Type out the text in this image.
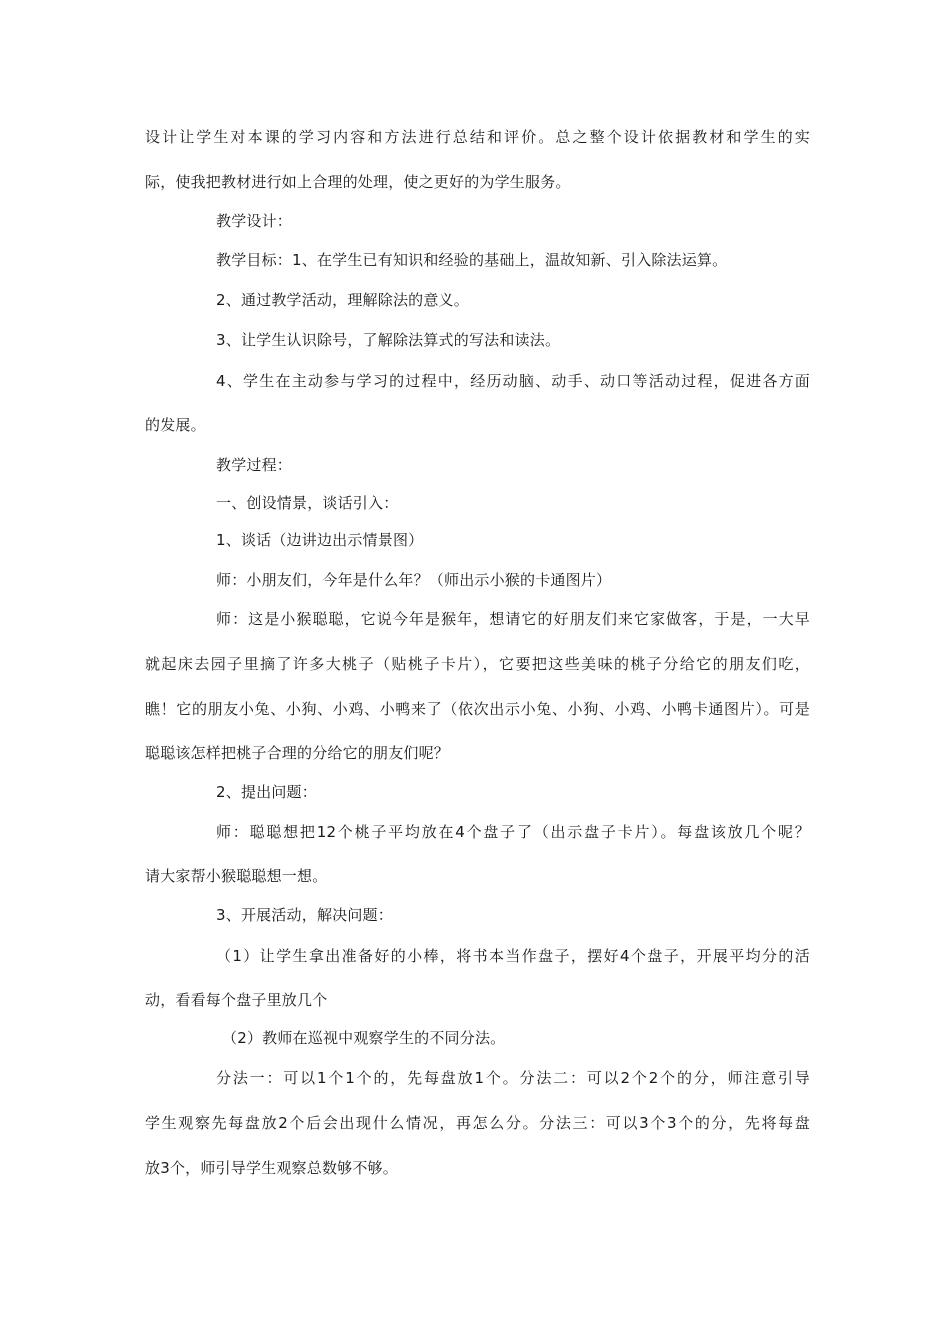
设计让学生对本课的学习内容和方法进行总结和评价。总之整个设计依据教材和学生的实
际，使我把教材进行如上合理的处理，使之更好的为学生服务。
教学设计：
教学目标：1、在学生已有知识和经验的基础上，温故知新、引入除法运算。
2、通过教学活动，理解除法的意义。
3、让学生认识除号，了解除法算式的写法和读法。
4、学生在主动参与学习的过程中，经历动脑、动手、动口等活动过程，促进各方面
的发展。
教学过程：
一、创设情景，谈话引入：
1、谈话（边讲边出示情景图）
师：小朋友们，今年是什么年？（师出示小猴的卡通图片）
师：这是小猴聪聪，它说今年是猴年，想请它的好朋友们来它家做客，于是，一大早
就起床去园子里摘了许多大桃子（贴桃子卡片），它要把这些美味的桃子分给它的朋友们吃，
瞧！它的朋友小兔、小狗、小鸡、小鸭来了（依次出示小兔、小狗、小鸡、小鸭卡通图片）。可是
聪聪该怎样把桃子合理的分给它的朋友们呢？
2、提出问题：
师：聪聪想把12个桃子平均放在4个盘子了（出示盘子卡片）。每盘该放几个呢？
请大家帮小猴聪聪想一想。
3、开展活动，解决问题：
（1）让学生拿出准备好的小棒，将书本当作盘子，摆好4个盘子，开展平均分的活
动，看看每个盘子里放几个
（2）教师在巡视中观察学生的不同分法。
分法一：可以1个1个的，先每盘放1个。分法二：可以2个2个的分，师注意引导
学生观察先每盘放2个后会出现什么情况，再怎么分。分法三：可以3个3个的分，先将每盘
放3个，师引导学生观察总数够不够。
